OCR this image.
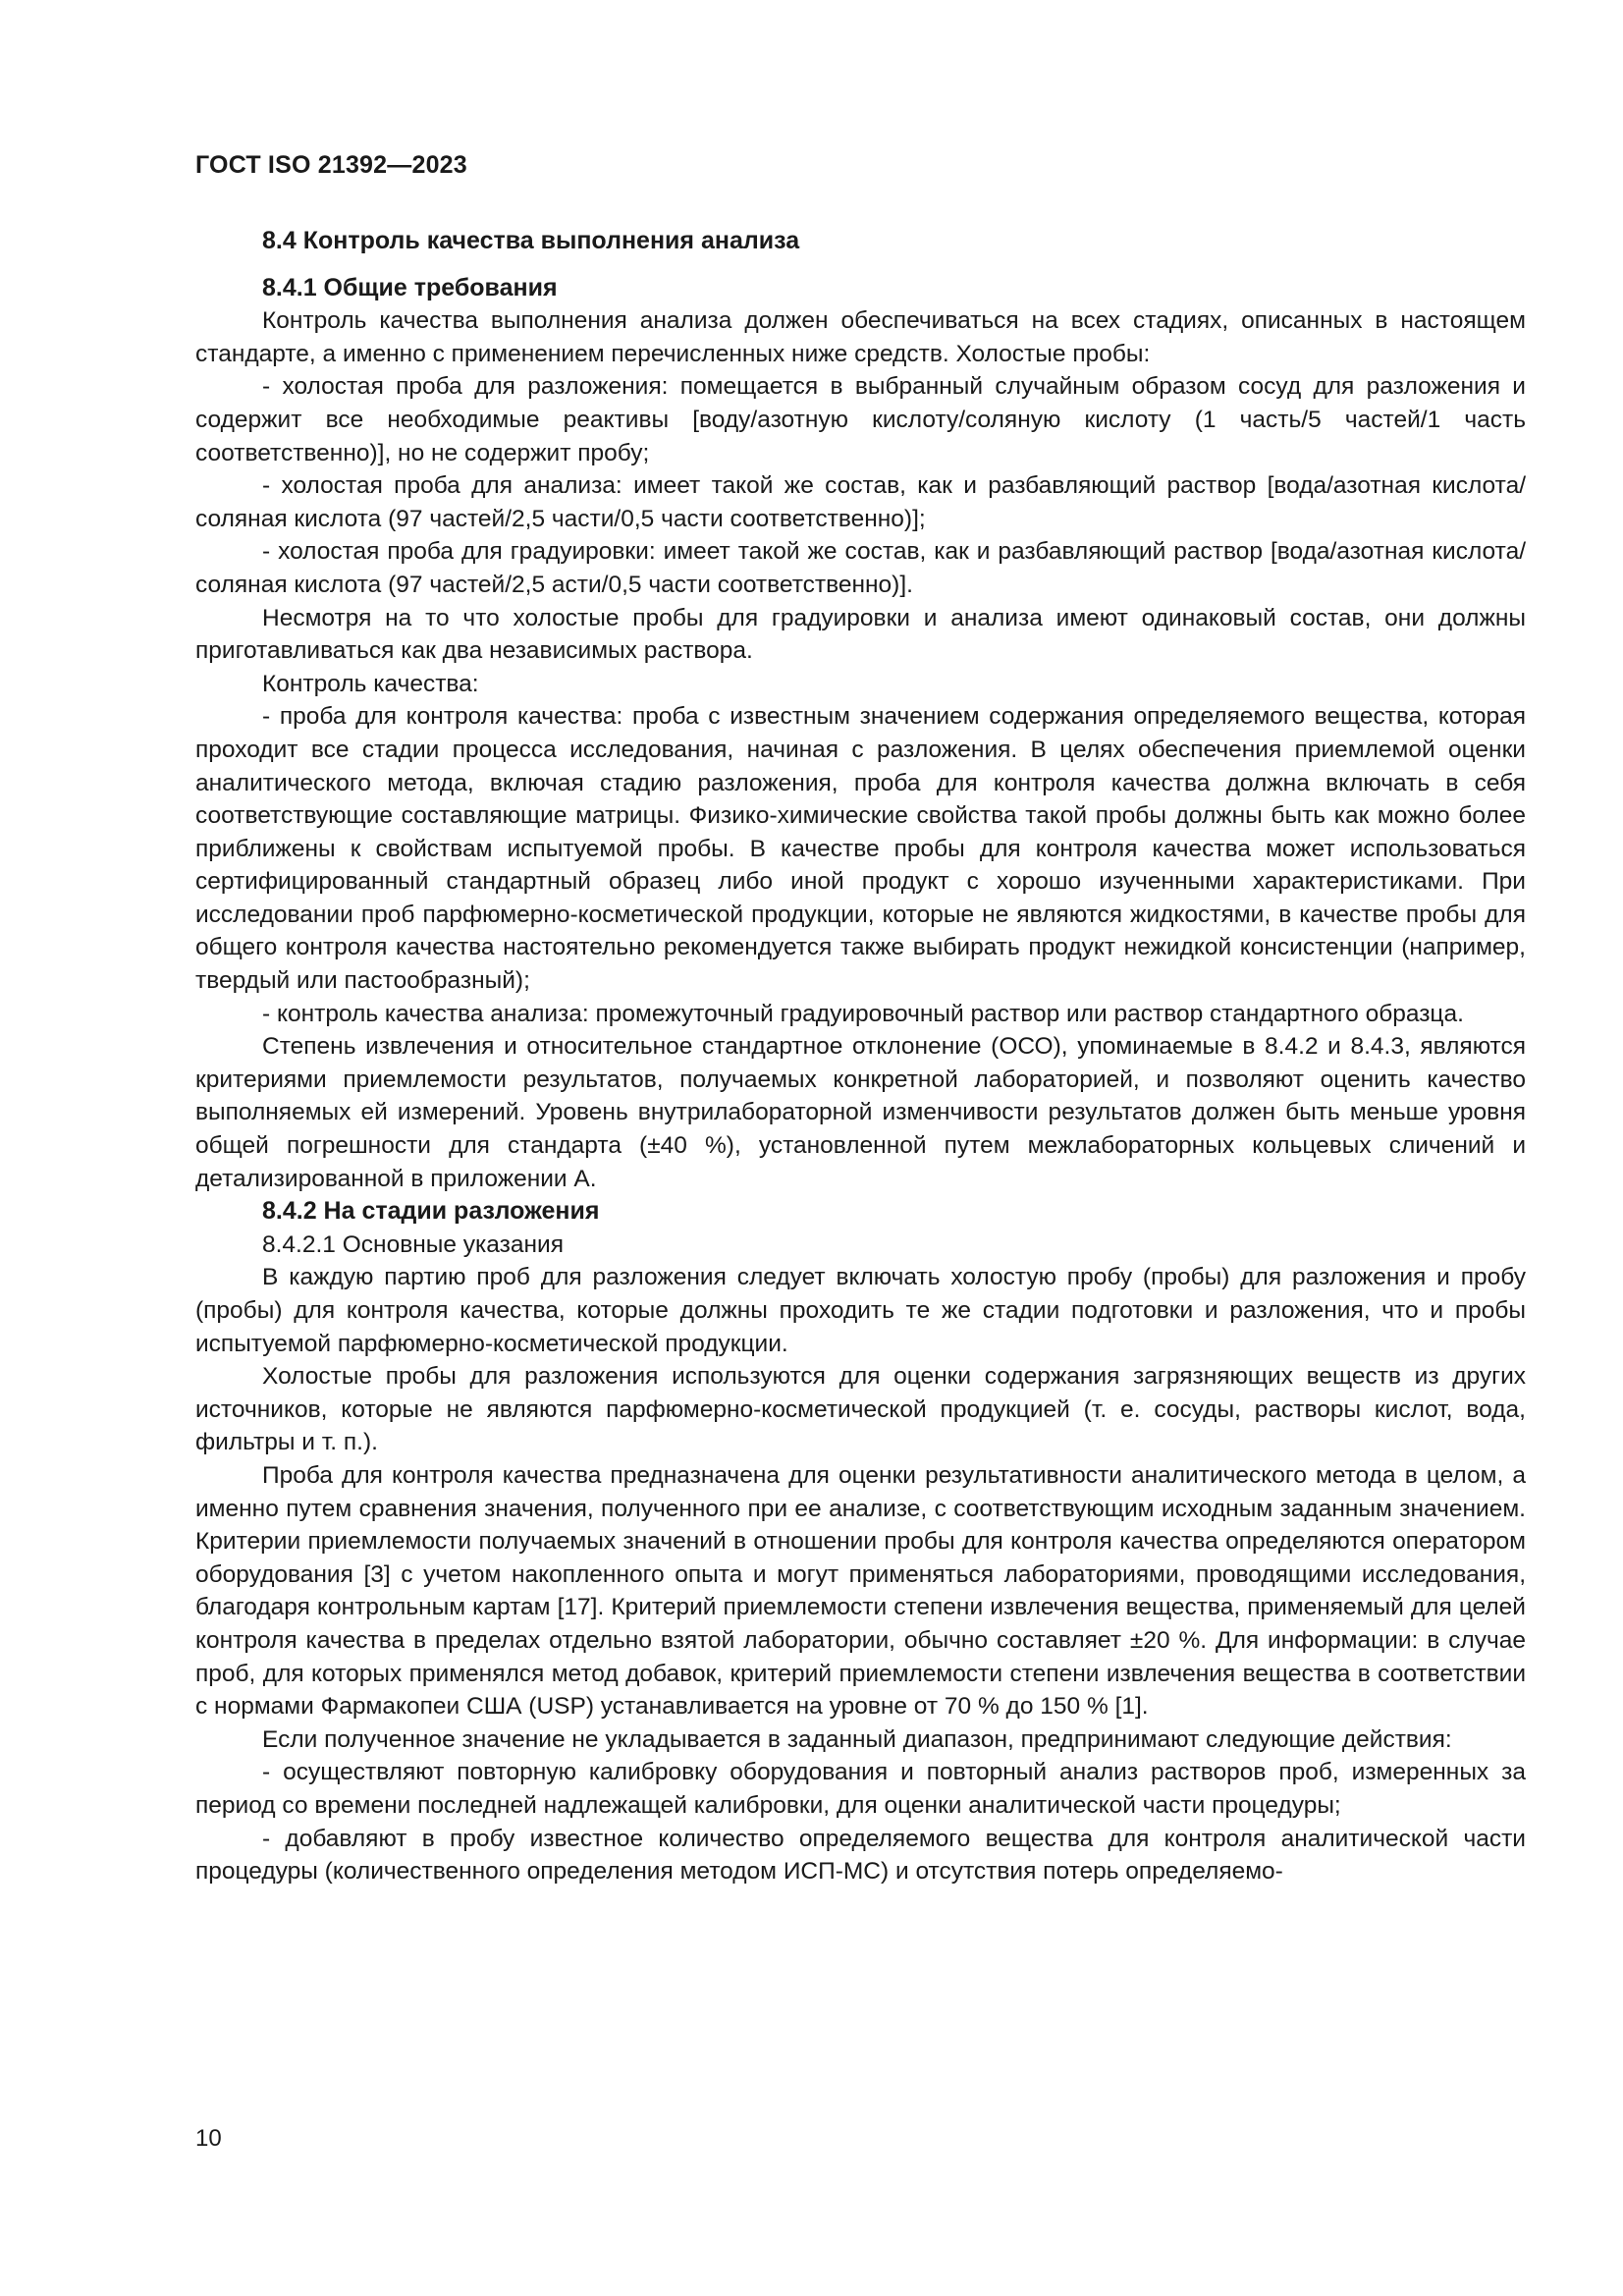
ГОСТ ISO 21392—2023
8.4 Контроль качества выполнения анализа
8.4.1 Общие требования

Контроль качества выполнения анализа должен обеспечиваться на всех стадиях, описанных в настоящем стандарте, а именно с применением перечисленных ниже средств. Холостые пробы:

- холостая проба для разложения: помещается в выбранный случайным образом сосуд для разложения и содержит все необходимые реактивы [воду/азотную кислоту/соляную кислоту (1 часть/5 частей/1 часть соответственно)], но не содержит пробу;

- холостая проба для анализа: имеет такой же состав, как и разбавляющий раствор [вода/азотная кислота/соляная кислота (97 частей/2,5 части/0,5 части соответственно)];

- холостая проба для градуировки: имеет такой же состав, как и разбавляющий раствор [вода/азотная кислота/соляная кислота (97 частей/2,5 асти/0,5 части соответственно)].

Несмотря на то что холостые пробы для градуировки и анализа имеют одинаковый состав, они должны приготавливаться как два независимых раствора.

Контроль качества:

- проба для контроля качества: проба с известным значением содержания определяемого вещества, которая проходит все стадии процесса исследования, начиная с разложения. В целях обеспечения приемлемой оценки аналитического метода, включая стадию разложения, проба для контроля качества должна включать в себя соответствующие составляющие матрицы. Физико-химические свойства такой пробы должны быть как можно более приближены к свойствам испытуемой пробы. В качестве пробы для контроля качества может использоваться сертифицированный стандартный образец либо иной продукт с хорошо изученными характеристиками. При исследовании проб парфюмерно-косметической продукции, которые не являются жидкостями, в качестве пробы для общего контроля качества настоятельно рекомендуется также выбирать продукт нежидкой консистенции (например, твердый или пастообразный);

- контроль качества анализа: промежуточный градуировочный раствор или раствор стандартного образца.

Степень извлечения и относительное стандартное отклонение (ОСО), упоминаемые в 8.4.2 и 8.4.3, являются критериями приемлемости результатов, получаемых конкретной лабораторией, и позволяют оценить качество выполняемых ей измерений. Уровень внутрилабораторной изменчивости результатов должен быть меньше уровня общей погрешности для стандарта (±40 %), установленной путем межлабораторных кольцевых сличений и детализированной в приложении А.

8.4.2 На стадии разложения
8.4.2.1 Основные указания

В каждую партию проб для разложения следует включать холостую пробу (пробы) для разложения и пробу (пробы) для контроля качества, которые должны проходить те же стадии подготовки и разложения, что и пробы испытуемой парфюмерно-косметической продукции.

Холостые пробы для разложения используются для оценки содержания загрязняющих веществ из других источников, которые не являются парфюмерно-косметической продукцией (т. е. сосуды, растворы кислот, вода, фильтры и т. п.).

Проба для контроля качества предназначена для оценки результативности аналитического метода в целом, а именно путем сравнения значения, полученного при ее анализе, с соответствующим исходным заданным значением. Критерии приемлемости получаемых значений в отношении пробы для контроля качества определяются оператором оборудования [3] с учетом накопленного опыта и могут применяться лабораториями, проводящими исследования, благодаря контрольным картам [17]. Критерий приемлемости степени извлечения вещества, применяемый для целей контроля качества в пределах отдельно взятой лаборатории, обычно составляет ±20 %. Для информации: в случае проб, для которых применялся метод добавок, критерий приемлемости степени извлечения вещества в соответствии с нормами Фармакопеи США (USP) устанавливается на уровне от 70 % до 150 % [1].

Если полученное значение не укладывается в заданный диапазон, предпринимают следующие действия:

- осуществляют повторную калибровку оборудования и повторный анализ растворов проб, измеренных за период со времени последней надлежащей калибровки, для оценки аналитической части процедуры;

- добавляют в пробу известное количество определяемого вещества для контроля аналитической части процедуры (количественного определения методом ИСП-МС) и отсутствия потерь определяемо-

10
